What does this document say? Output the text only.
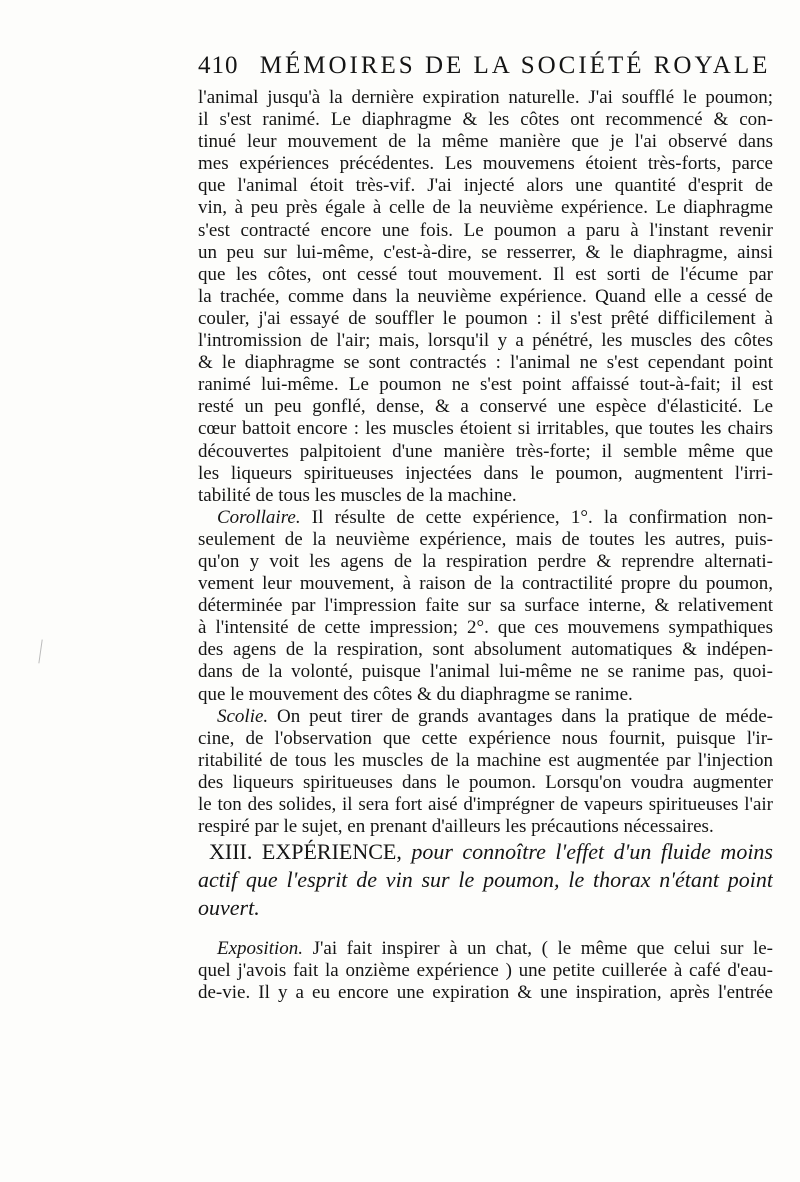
410 MÉMOIRES DE LA SOCIÉTÉ ROYALE
l'animal jusqu'à la dernière expiration naturelle. J'ai soufflé le poumon;
il s'est ranimé. Le diaphragme & les côtes ont recommencé & con-
tinué leur mouvement de la même manière que je l'ai observé dans
mes expériences précédentes. Les mouvemens étoient très-forts, parce
que l'animal étoit très-vif. J'ai injecté alors une quantité d'esprit de
vin, à peu près égale à celle de la neuvième expérience. Le diaphragme
s'est contracté encore une fois. Le poumon a paru à l'instant revenir
un peu sur lui-même, c'est-à-dire, se resserrer, & le diaphragme, ainsi
que les côtes, ont cessé tout mouvement. Il est sorti de l'écume par
la trachée, comme dans la neuvième expérience. Quand elle a cessé de
couler, j'ai essayé de souffler le poumon : il s'est prêté difficilement à
l'intromission de l'air; mais, lorsqu'il y a pénétré, les muscles des côtes
& le diaphragme se sont contractés : l'animal ne s'est cependant point
ranimé lui-même. Le poumon ne s'est point affaissé tout-à-fait; il est
resté un peu gonflé, dense, & a conservé une espèce d'élasticité. Le
cœur battoit encore : les muscles étoient si irritables, que toutes les chairs
découvertes palpitoient d'une manière très-forte; il semble même que
les liqueurs spiritueuses injectées dans le poumon, augmentent l'irri-
tabilité de tous les muscles de la machine.
 Corollaire. Il résulte de cette expérience, 1°. la confirmation non-
seulement de la neuvième expérience, mais de toutes les autres, puis-
qu'on y voit les agens de la respiration perdre & reprendre alternati-
vement leur mouvement, à raison de la contractilité propre du poumon,
déterminée par l'impression faite sur sa surface interne, & relativement
à l'intensité de cette impression; 2°. que ces mouvemens sympathiques
des agens de la respiration, sont absolument automatiques & indépen-
dans de la volonté, puisque l'animal lui-même ne se ranime pas, quoi-
que le mouvement des côtes & du diaphragme se ranime.
 Scolie. On peut tirer de grands avantages dans la pratique de méde-
cine, de l'observation que cette expérience nous fournit, puisque l'ir-
ritabilité de tous les muscles de la machine est augmentée par l'injection
des liqueurs spiritueuses dans le poumon. Lorsqu'on voudra augmenter
le ton des solides, il sera fort aisé d'imprégner de vapeurs spiritueuses l'air
respiré par le sujet, en prenant d'ailleurs les précautions nécessaires.
 XIII. EXPÉRIENCE, pour connoître l'effet d'un fluide moins
actif que l'esprit de vin sur le poumon, le thorax n'étant point
ouvert.
 Exposition. J'ai fait inspirer à un chat, ( le même que celui sur le-
quel j'avois fait la onzième expérience ) une petite cuillerée à café d'eau-
de-vie. Il y a eu encore une expiration & une inspiration, après l'entrée
